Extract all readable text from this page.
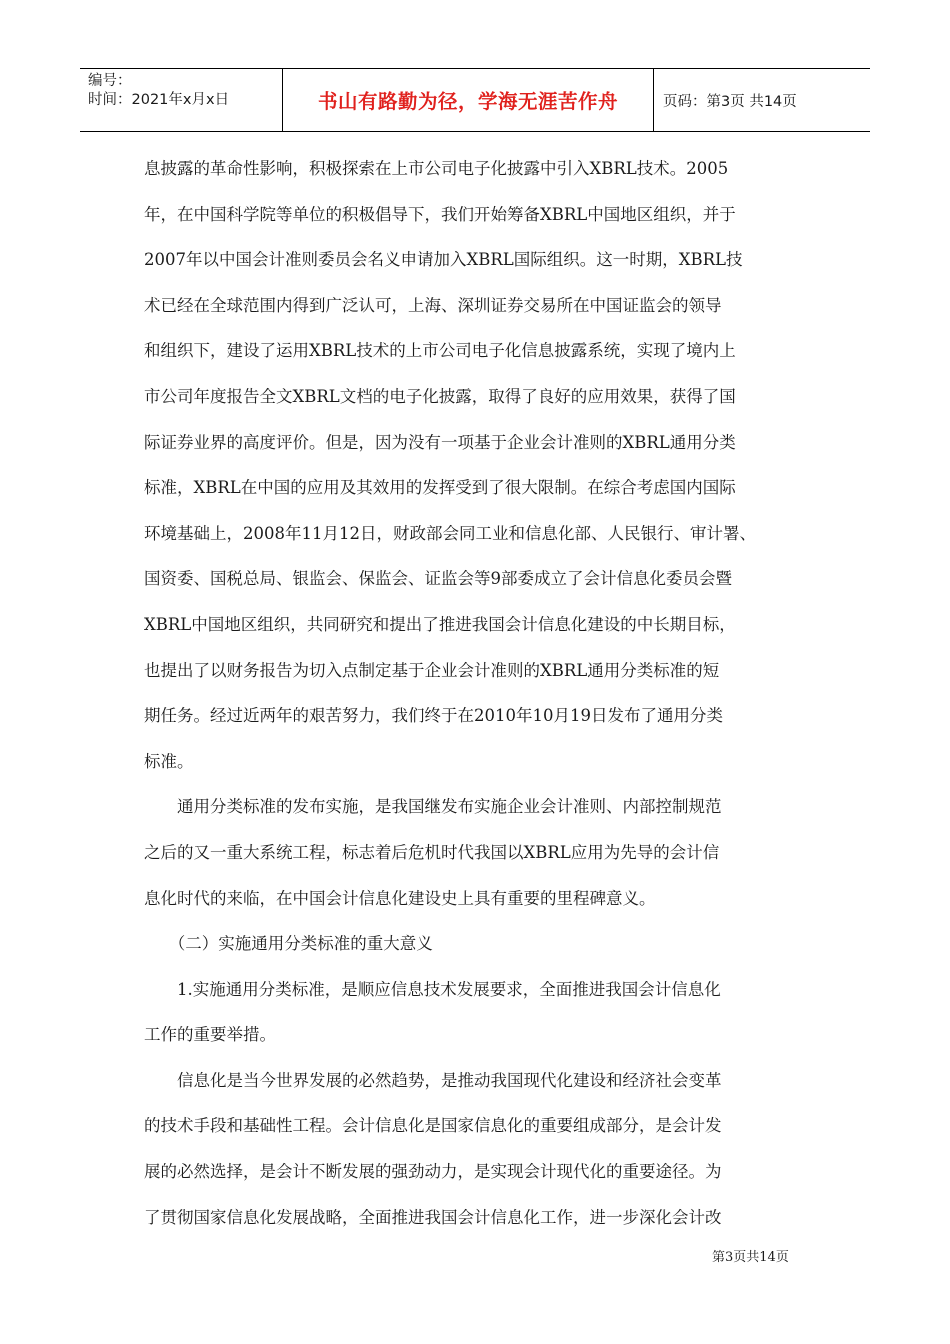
编号：
时间：2021年x月x日	书山有路勤为径，学海无涯苦作舟	页码：第3页 共14页
息披露的革命性影响，积极探索在上市公司电子化披露中引入XBRL技术。2005
年，在中国科学院等单位的积极倡导下，我们开始筹备XBRL中国地区组织，并于
2007年以中国会计准则委员会名义申请加入XBRL国际组织。这一时期，XBRL技
术已经在全球范围内得到广泛认可，上海、深圳证券交易所在中国证监会的领导
和组织下，建设了运用XBRL技术的上市公司电子化信息披露系统，实现了境内上
市公司年度报告全文XBRL文档的电子化披露，取得了良好的应用效果，获得了国
际证券业界的高度评价。但是，因为没有一项基于企业会计准则的XBRL通用分类
标准，XBRL在中国的应用及其效用的发挥受到了很大限制。在综合考虑国内国际
环境基础上，2008年11月12日，财政部会同工业和信息化部、人民银行、审计署、
国资委、国税总局、银监会、保监会、证监会等9部委成立了会计信息化委员会暨
XBRL中国地区组织，共同研究和提出了推进我国会计信息化建设的中长期目标，
也提出了以财务报告为切入点制定基于企业会计准则的XBRL通用分类标准的短
期任务。经过近两年的艰苦努力，我们终于在2010年10月19日发布了通用分类
标准。
　　通用分类标准的发布实施，是我国继发布实施企业会计准则、内部控制规范
之后的又一重大系统工程，标志着后危机时代我国以XBRL应用为先导的会计信
息化时代的来临，在中国会计信息化建设史上具有重要的里程碑意义。
　　（二）实施通用分类标准的重大意义
　　1.实施通用分类标准，是顺应信息技术发展要求，全面推进我国会计信息化
工作的重要举措。
　　信息化是当今世界发展的必然趋势，是推动我国现代化建设和经济社会变革
的技术手段和基础性工程。会计信息化是国家信息化的重要组成部分，是会计发
展的必然选择，是会计不断发展的强劲动力，是实现会计现代化的重要途径。为
了贯彻国家信息化发展战略，全面推进我国会计信息化工作，进一步深化会计改
第3页共14页
